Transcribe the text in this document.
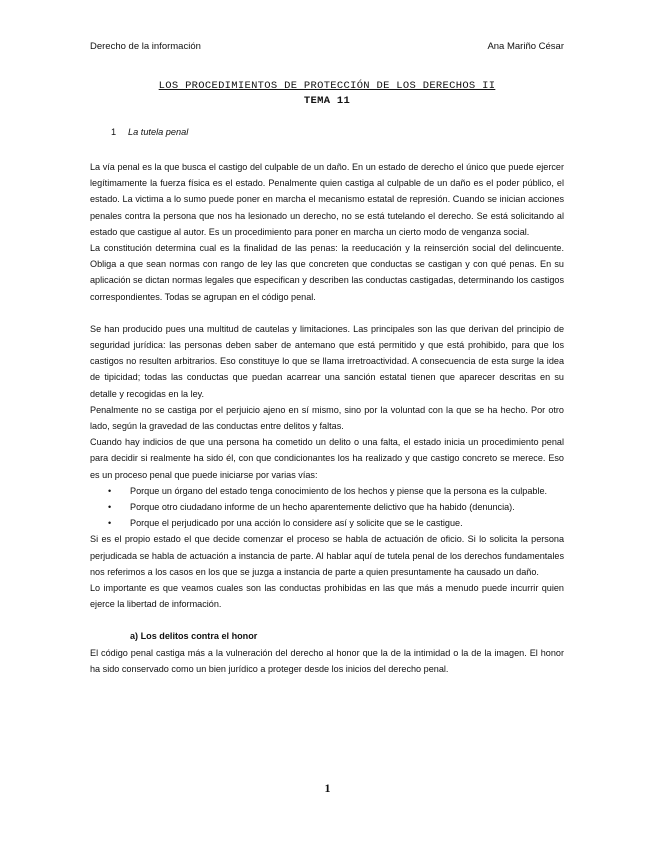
Derecho de la información	Ana Mariño César
LOS PROCEDIMIENTOS DE PROTECCIÓN DE LOS DERECHOS II
TEMA 11
1 La tutela penal

La vía penal es la que busca el castigo del culpable de un daño. En un estado de derecho el único que puede ejercer legítimamente la fuerza física es el estado. Penalmente quien castiga al culpable de un daño es el poder público, el estado. La victima a lo sumo puede poner en marcha el mecanismo estatal de represión. Cuando se inician acciones penales contra la persona que nos ha lesionado un derecho, no se está tutelando el derecho. Se está solicitando al estado que castigue al autor. Es un procedimiento para poner en marcha un cierto modo de venganza social.

La constitución determina cual es la finalidad de las penas: la reeducación y la reinserción social del delincuente. Obliga a que sean normas con rango de ley las que concreten que conductas se castigan y con qué penas. En su aplicación se dictan normas legales que especifican y describen las conductas castigadas, determinando los castigos correspondientes. Todas se agrupan en el código penal.

Se han producido pues una multitud de cautelas y limitaciones. Las principales son las que derivan del principio de seguridad jurídica: las personas deben saber de antemano que está permitido y que está prohibido, para que los castigos no resulten arbitrarios. Eso constituye lo que se llama irretroactividad. A consecuencia de esta surge la idea de tipicidad; todas las conductas que puedan acarrear una sanción estatal tienen que aparecer descritas en su detalle y recogidas en la ley.

Penalmente no se castiga por el perjuicio ajeno en sí mismo, sino por la voluntad con la que se ha hecho. Por otro lado, según la gravedad de las conductas entre delitos y faltas.

Cuando hay indicios de que una persona ha cometido un delito o una falta, el estado inicia un procedimiento penal para decidir si realmente ha sido él, con que condicionantes los ha realizado y que castigo concreto se merece. Eso es un proceso penal que puede iniciarse por varias vías:

• Porque un órgano del estado tenga conocimiento de los hechos y piense que la persona es la culpable.
• Porque otro ciudadano informe de un hecho aparentemente delictivo que ha habido (denuncia).
• Porque el perjudicado por una acción lo considere así y solicite que se le castigue.

Si es el propio estado el que decide comenzar el proceso se habla de actuación de oficio. Si lo solicita la persona perjudicada se habla de actuación a instancia de parte. Al hablar aquí de tutela penal de los derechos fundamentales nos referimos a los casos en los que se juzga a instancia de parte a quien presuntamente ha causado un daño.

Lo importante es que veamos cuales son las conductas prohibidas en las que más a menudo puede incurrir quien ejerce la libertad de información.

a) Los delitos contra el honor

El código penal castiga más a la vulneración del derecho al honor que la de la intimidad o la de la imagen. El honor ha sido conservado como un bien jurídico a proteger desde los inicios del derecho penal.

1
